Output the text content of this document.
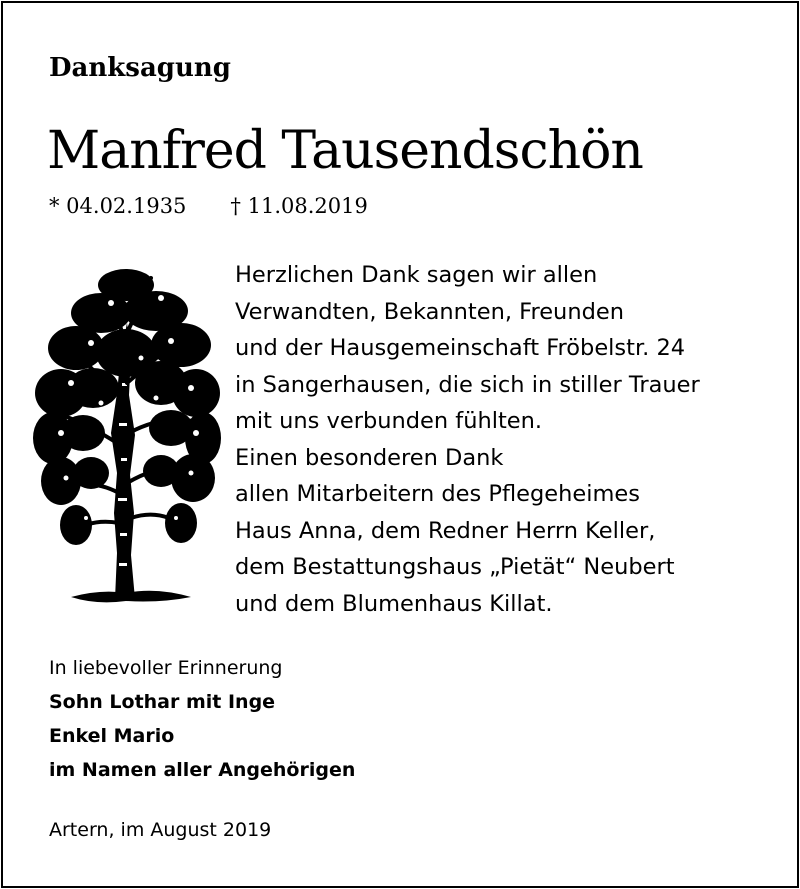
Danksagung
Manfred Tausendschön
* 04.02.1935 † 11.08.2019
Herzlichen Dank sagen wir allen
Verwandten, Bekannten, Freunden
und der Hausgemeinschaft Fröbelstr. 24
in Sangerhausen, die sich in stiller Trauer
mit uns verbunden fühlten.
Einen besonderen Dank
allen Mitarbeitern des Pflegeheimes
Haus Anna, dem Redner Herrn Keller,
dem Bestattungshaus „Pietät“ Neubert
und dem Blumenhaus Killat.
In liebevoller Erinnerung
Sohn Lothar mit Inge
Enkel Mario
im Namen aller Angehörigen
Artern, im August 2019
